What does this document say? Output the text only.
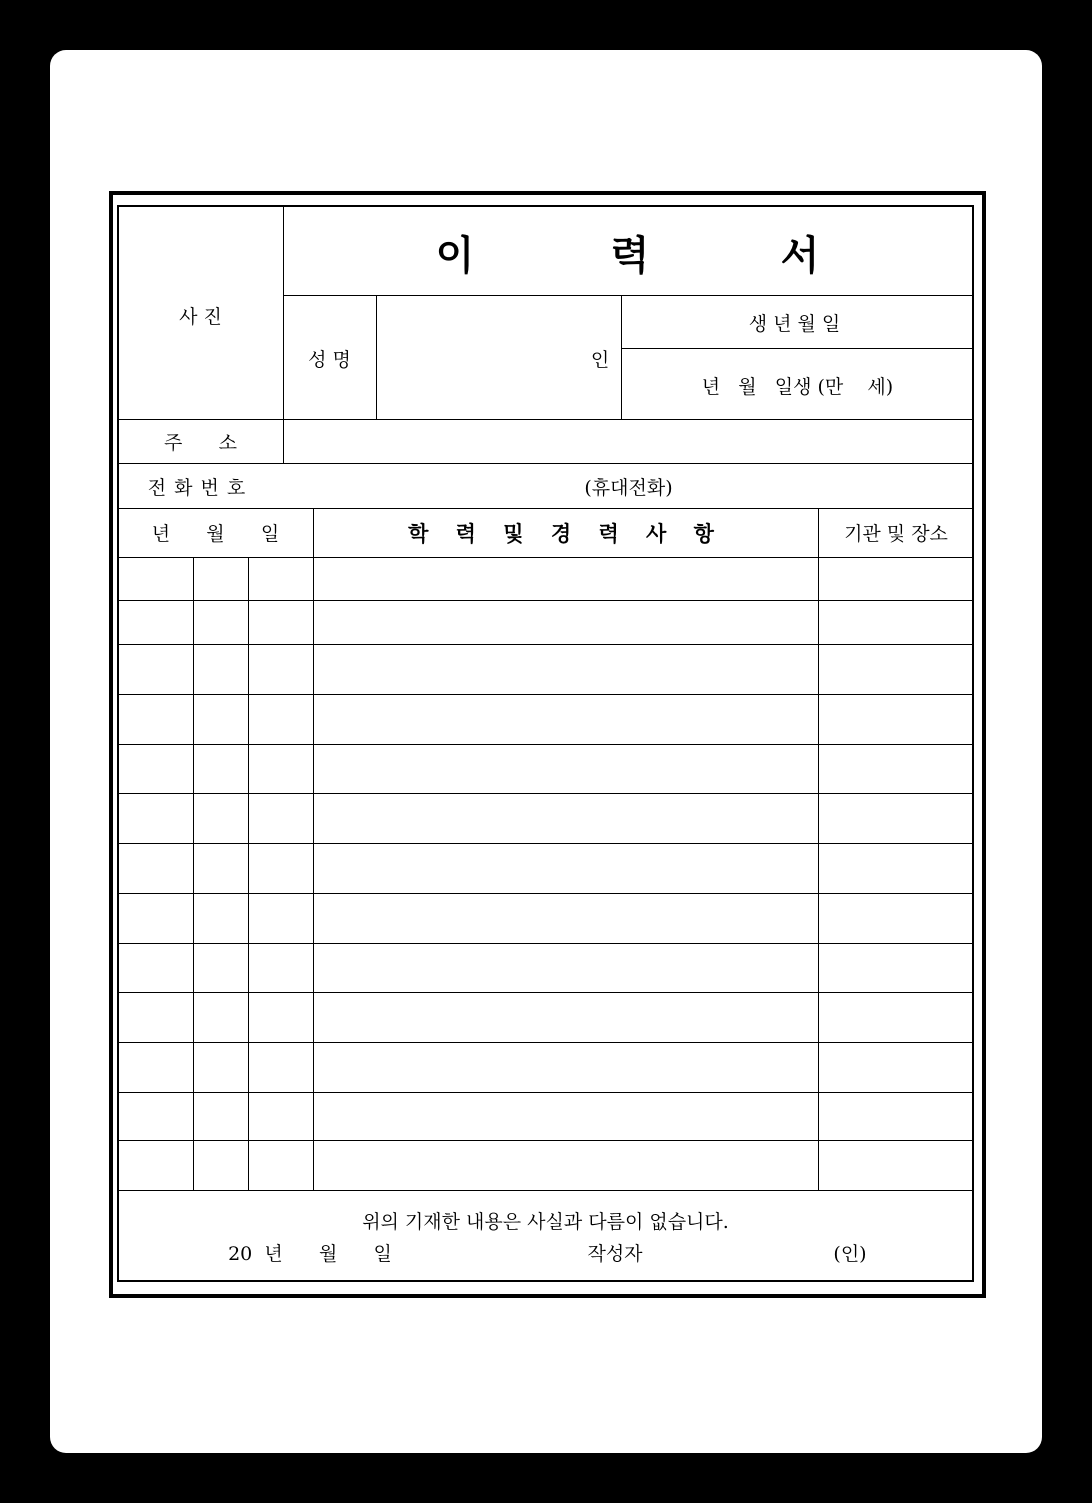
이	력	서
사 진
성 명	인
생년월일
년   월   일생 (만    세)
주      소
전화번호	(휴대전화)
년      월      일	학 력 및 경 력 사 항	기관 및 장소
위의 기재한 내용은 사실과 다름이 없습니다.
20  년      월      일	작성자	(인)
